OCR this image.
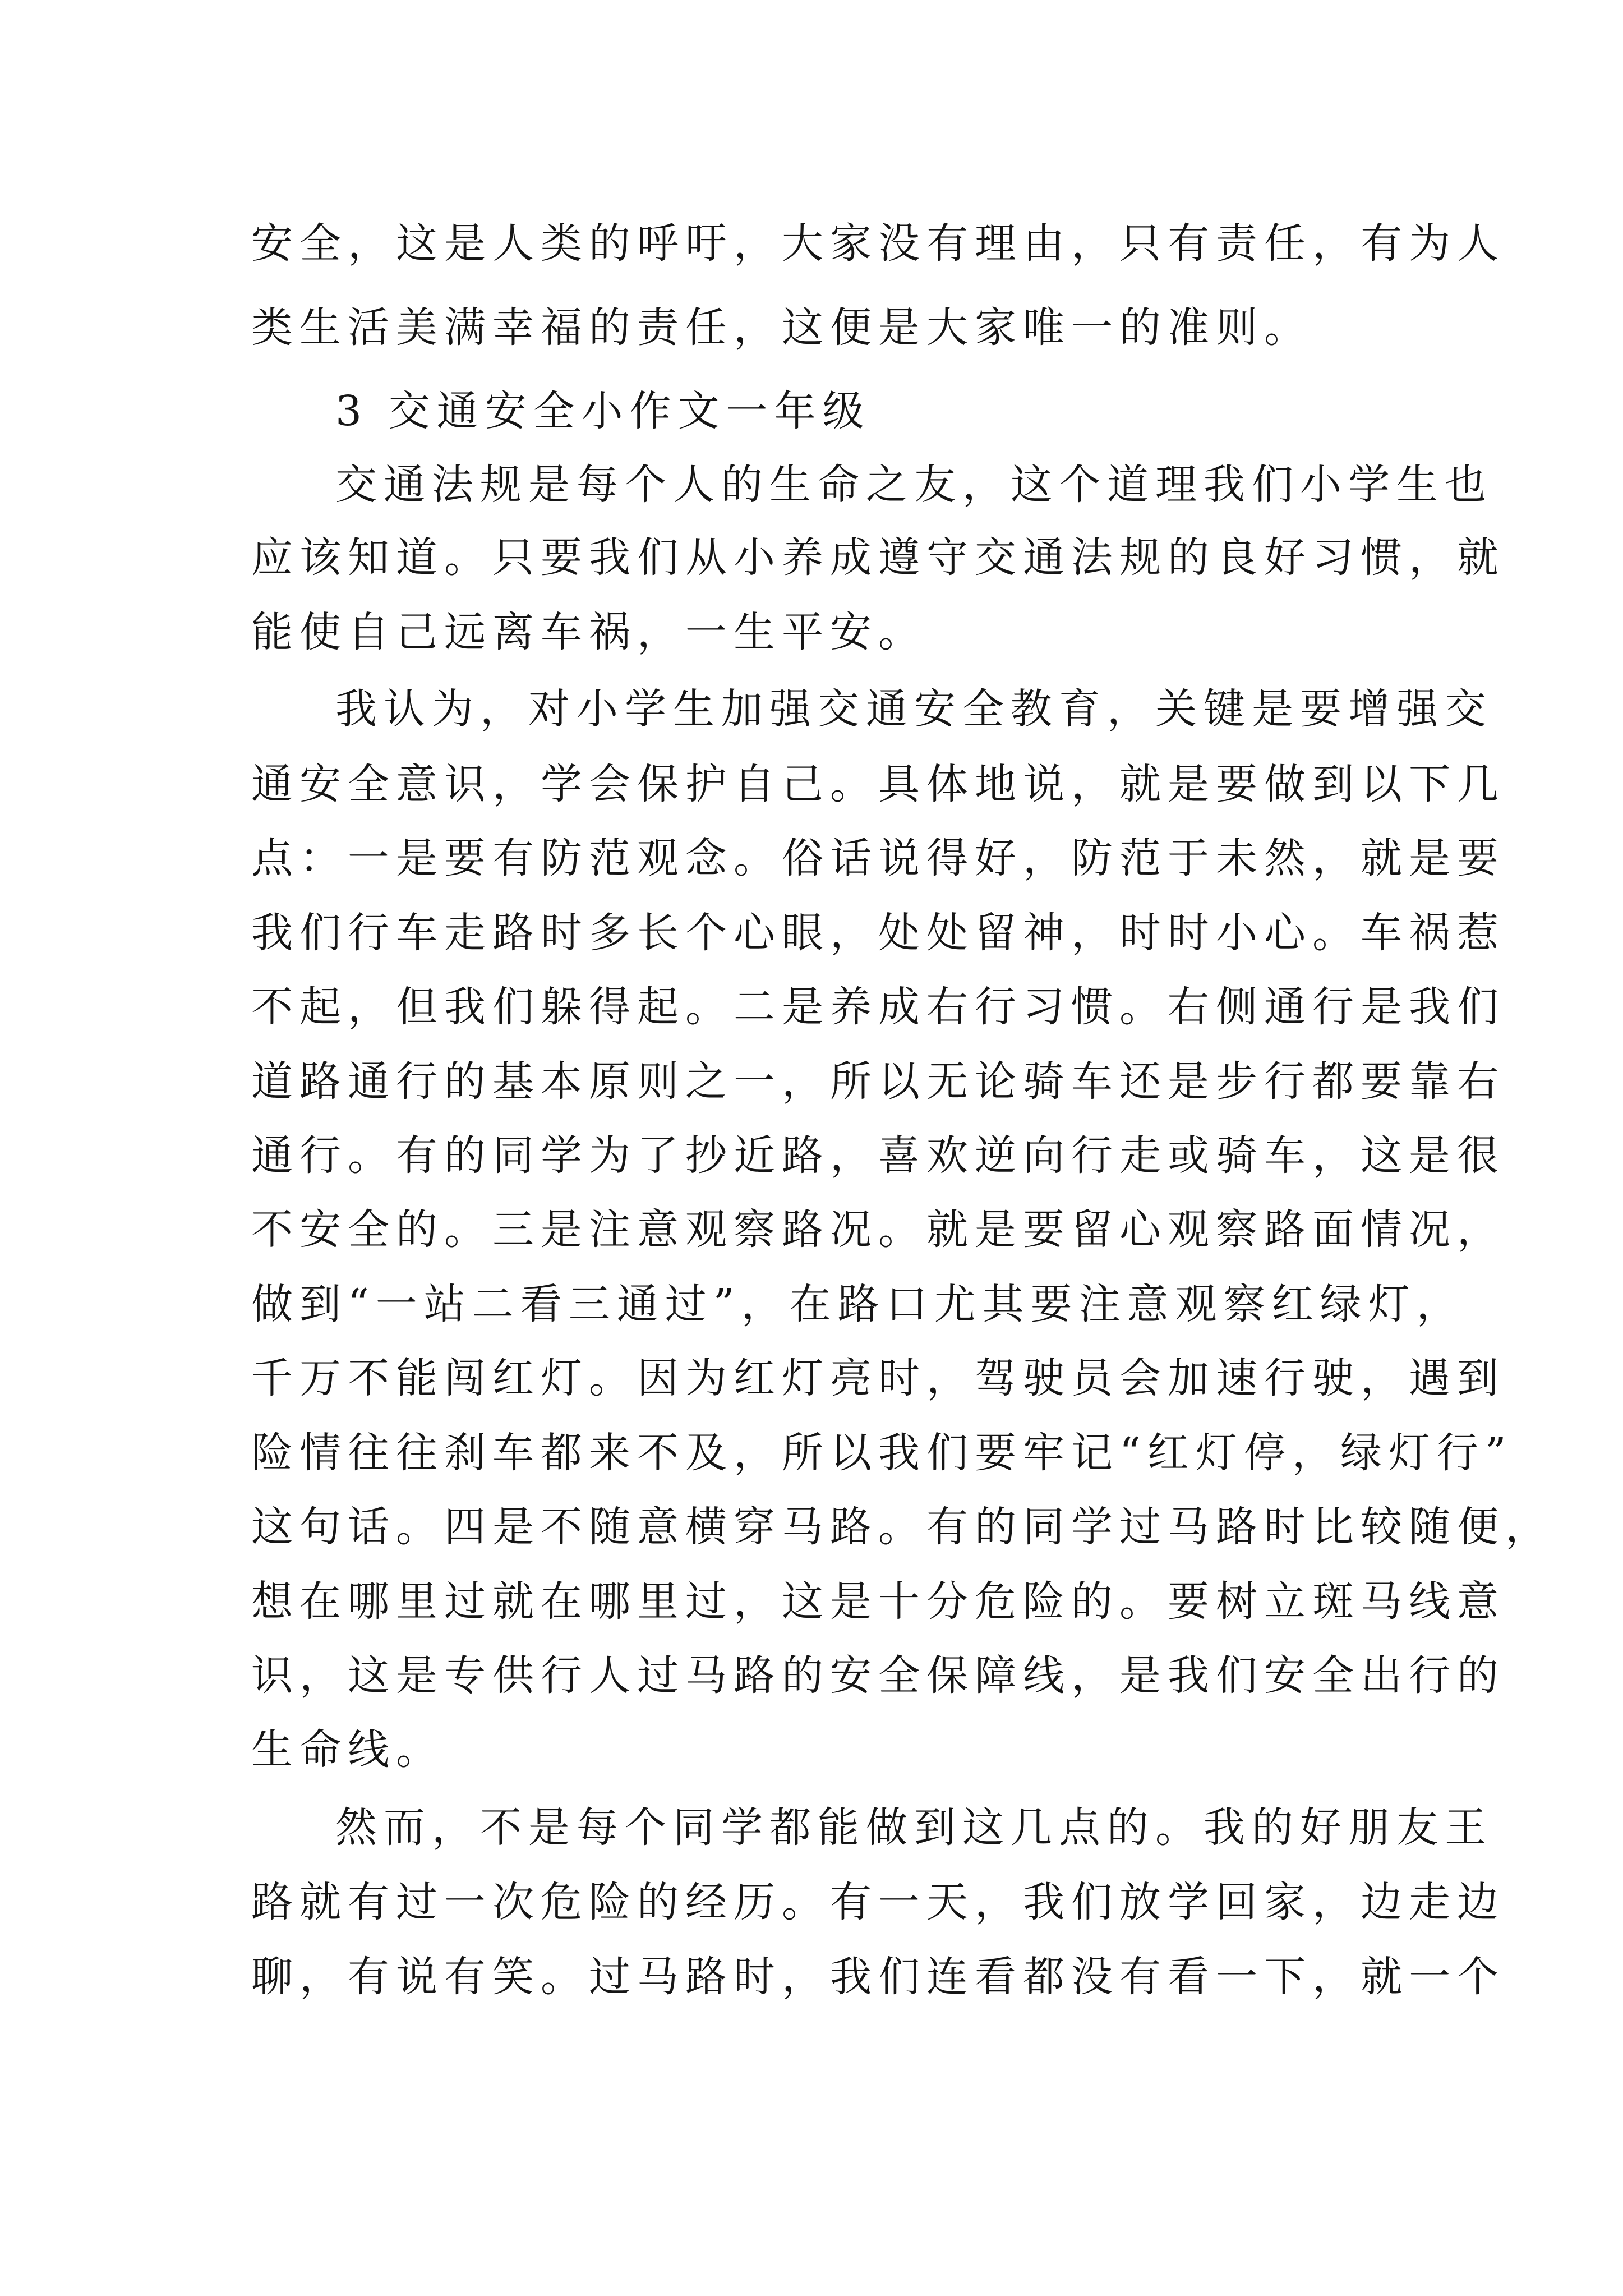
安全，这是人类的呼吁，大家没有理由，只有责任，有为人
类生活美满幸福的责任，这便是大家唯一的准则。
3 交通安全小作文一年级
交通法规是每个人的生命之友，这个道理我们小学生也
应该知道。只要我们从小养成遵守交通法规的良好习惯，就
能使自己远离车祸，一生平安。
我认为，对小学生加强交通安全教育，关键是要增强交
通安全意识，学会保护自己。具体地说，就是要做到以下几
点：一是要有防范观念。俗话说得好，防范于未然，就是要
我们行车走路时多长个心眼，处处留神，时时小心。车祸惹
不起，但我们躲得起。二是养成右行习惯。右侧通行是我们
道路通行的基本原则之一，所以无论骑车还是步行都要靠右
通行。有的同学为了抄近路，喜欢逆向行走或骑车，这是很
不安全的。三是注意观察路况。就是要留心观察路面情况，
做到“一站二看三通过”，在路口尤其要注意观察红绿灯，
千万不能闯红灯。因为红灯亮时，驾驶员会加速行驶，遇到
险情往往刹车都来不及，所以我们要牢记“红灯停，绿灯行”
这句话。四是不随意横穿马路。有的同学过马路时比较随便，
想在哪里过就在哪里过，这是十分危险的。要树立斑马线意
识，这是专供行人过马路的安全保障线，是我们安全出行的
生命线。
然而，不是每个同学都能做到这几点的。我的好朋友王
路就有过一次危险的经历。有一天，我们放学回家，边走边
聊，有说有笑。过马路时，我们连看都没有看一下，就一个
